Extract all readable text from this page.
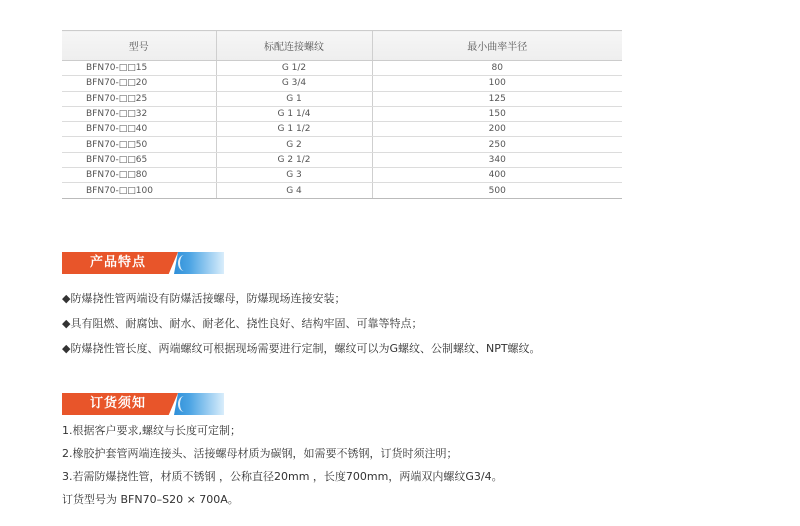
型号	标配连接螺纹	最小曲率半径
BFN70-□□15	G 1/2	80
BFN70-□□20	G 3/4	100
BFN70-□□25	G 1	125
BFN70-□□32	G 1 1/4	150
BFN70-□□40	G 1 1/2	200
BFN70-□□50	G 2	250
BFN70-□□65	G 2 1/2	340
BFN70-□□80	G 3	400
BFN70-□□100	G 4	500
产品特点
◆防爆挠性管两端设有防爆活接螺母，防爆现场连接安装；
◆具有阻燃、耐腐蚀、耐水、耐老化、挠性良好、结构牢固、可靠等特点；
◆防爆挠性管长度、两端螺纹可根据现场需要进行定制，螺纹可以为G螺纹、公制螺纹、NPT螺纹。
订货须知
1.根据客户要求,螺纹与长度可定制；
2.橡胶护套管两端连接头、活接螺母材质为碳钢，如需要不锈钢，订货时须注明；
3.若需防爆挠性管，材质不锈钢 ，公称直径20mm ，长度700mm，两端双内螺纹G3/4。
订货型号为 BFN70–S20 × 700A。
